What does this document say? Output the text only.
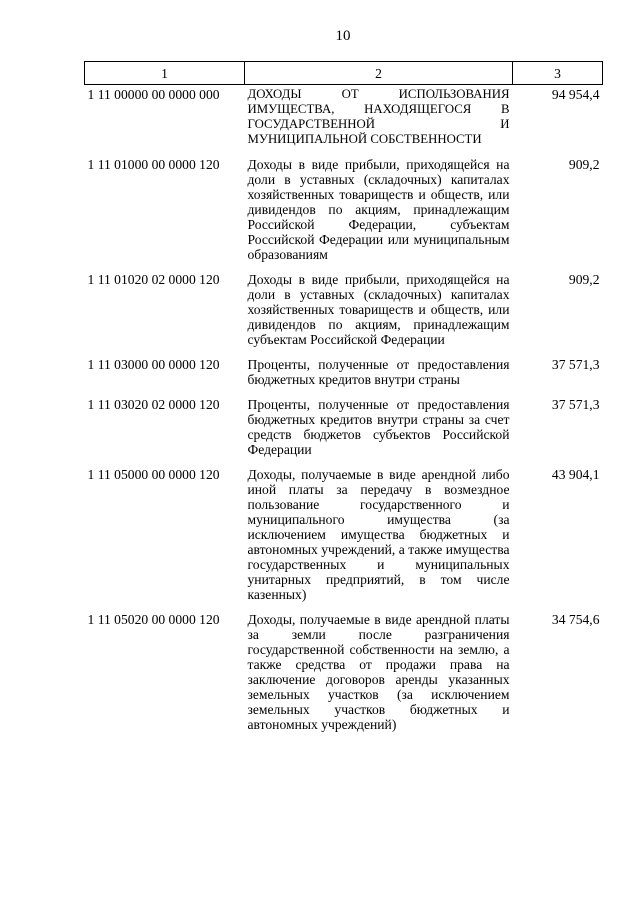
10
1	2	3
1 11 00000 00 0000 000	ДОХОДЫ ОТ ИСПОЛЬЗОВАНИЯ ИМУЩЕСТВА, НАХОДЯЩЕГОСЯ В ГОСУДАРСТВЕННОЙ И МУНИЦИПАЛЬНОЙ СОБСТВЕННОСТИ	94 954,4
1 11 01000 00 0000 120	Доходы в виде прибыли, приходящейся на доли в уставных (складочных) капиталах хозяйственных товариществ и обществ, или дивидендов по акциям, принадлежащим Российской Федерации, субъектам Российской Федерации или муниципальным образованиям	909,2
1 11 01020 02 0000 120	Доходы в виде прибыли, приходящейся на доли в уставных (складочных) капиталах хозяйственных товариществ и обществ, или дивидендов по акциям, принадлежащим субъектам Российской Федерации	909,2
1 11 03000 00 0000 120	Проценты, полученные от предоставления бюджетных кредитов внутри страны	37 571,3
1 11 03020 02 0000 120	Проценты, полученные от предоставления бюджетных кредитов внутри страны за счет средств бюджетов субъектов Российской Федерации	37 571,3
1 11 05000 00 0000 120	Доходы, получаемые в виде арендной либо иной платы за передачу в возмездное пользование государственного и муниципального имущества (за исключением имущества бюджетных и автономных учреждений, а также имущества государственных и муниципальных унитарных предприятий, в том числе казенных)	43 904,1
1 11 05020 00 0000 120	Доходы, получаемые в виде арендной платы за земли после разграничения государственной собственности на землю, а также средства от продажи права на заключение договоров аренды указанных земельных участков (за исключением земельных участков бюджетных и автономных учреждений)	34 754,6
